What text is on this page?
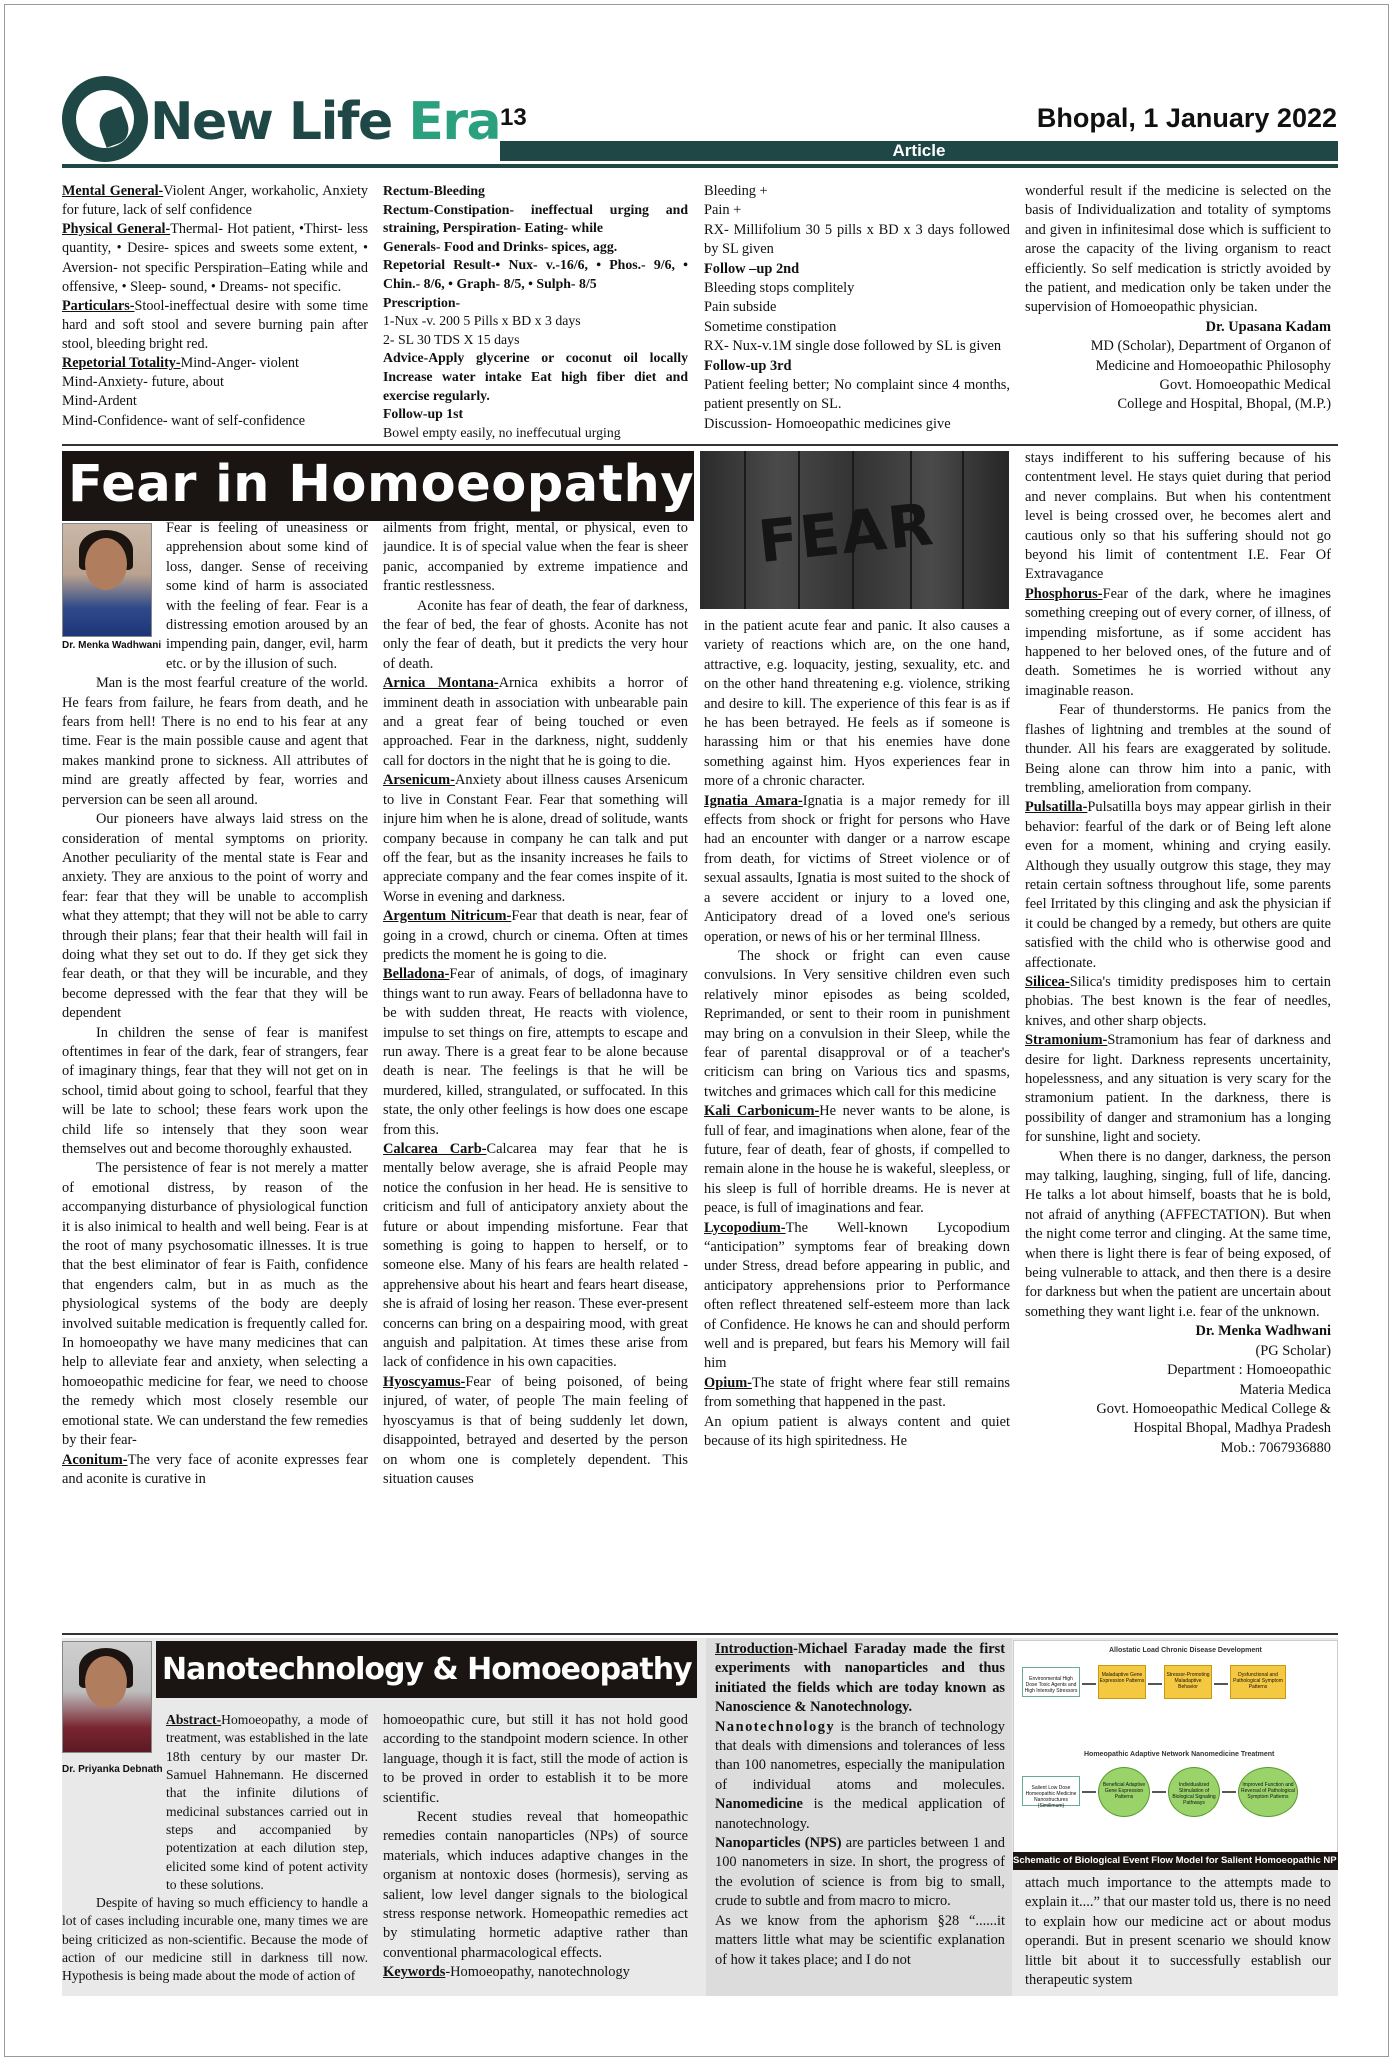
New Life Era 13	Bhopal, 1 January 2022
Article

Mental General-Violent Anger, workaholic, Anxiety for future, lack of self confidence

Physical General-Thermal- Hot patient, •Thirst- less quantity, • Desire- spices and sweets some extent, • Aversion- not specific Perspiration–Eating while and offensive, • Sleep- sound, • Dreams- not specific.

Particulars-Stool-ineffectual desire with some time hard and soft stool and severe burning pain after stool, bleeding bright red.

Repetorial Totality-Mind-Anger- violent

Mind-Anxiety- future, about

Mind-Ardent

Mind-Confidence- want of self-confidence

Rectum-Bleeding

Rectum-Constipation- ineffectual urging and straining, Perspiration- Eating- while

Generals- Food and Drinks- spices, agg.

Repetorial Result-• Nux- v.-16/6, • Phos.- 9/6, • Chin.- 8/6, • Graph- 8/5, • Sulph- 8/5

Prescription-

1-Nux -v. 200 5 Pills x BD x 3 days

2- SL 30 TDS X 15 days

Advice-Apply glycerine or coconut oil locally Increase water intake Eat high fiber diet and exercise regularly.

Follow-up 1st

Bowel empty easily, no ineffecutual urging

Bleeding +

Pain +

RX- Millifolium 30 5 pills x BD x 3 days followed by SL given

Follow –up 2nd

Bleeding stops complitely

Pain subside

Sometime constipation

RX- Nux-v.1M single dose followed by SL is given

Follow-up 3rd

Patient feeling better; No complaint since 4 months, patient presently on SL.

Discussion- Homoeopathic medicines give

wonderful result if the medicine is selected on the basis of Individualization and totality of symptoms and given in infinitesimal dose which is sufficient to arose the capacity of the living organism to react efficiently. So self medication is strictly avoided by the patient, and medication only be taken under the supervision of Homoeopathic physician.

Dr. Upasana Kadam

MD (Scholar), Department of Organon of

Medicine and Homoeopathic Philosophy

Govt. Homoeopathic Medical

College and Hospital, Bhopal, (M.P.)

Fear in Homoeopathy
FEAR
Dr. Menka Wadhwani

Fear is feeling of uneasiness or apprehension about some kind of loss, danger. Sense of receiving some kind of harm is associated with the feeling of fear. Fear is a distressing emotion aroused by an impending pain, danger, evil, harm etc. or by the illusion of such.

Man is the most fearful creature of the world. He fears from failure, he fears from death, and he fears from hell! There is no end to his fear at any time. Fear is the main possible cause and agent that makes mankind prone to sickness. All attributes of mind are greatly affected by fear, worries and perversion can be seen all around.

Our pioneers have always laid stress on the consideration of mental symptoms on priority. Another peculiarity of the mental state is Fear and anxiety. They are anxious to the point of worry and fear: fear that they will be unable to accomplish what they attempt; that they will not be able to carry through their plans; fear that their health will fail in doing what they set out to do. If they get sick they fear death, or that they will be incurable, and they become depressed with the fear that they will be dependent

In children the sense of fear is manifest oftentimes in fear of the dark, fear of strangers, fear of imaginary things, fear that they will not get on in school, timid about going to school, fearful that they will be late to school; these fears work upon the child life so intensely that they soon wear themselves out and become thoroughly exhausted.

The persistence of fear is not merely a matter of emotional distress, by reason of the accompanying disturbance of physiological function it is also inimical to health and well being. Fear is at the root of many psychosomatic illnesses. It is true that the best eliminator of fear is Faith, confidence that engenders calm, but in as much as the physiological systems of the body are deeply involved suitable medication is frequently called for. In homoeopathy we have many medicines that can help to alleviate fear and anxiety, when selecting a homoeopathic medicine for fear, we need to choose the remedy which most closely resemble our emotional state. We can understand the few remedies by their fear-

Aconitum-The very face of aconite expresses fear and aconite is curative in

ailments from fright, mental, or physical, even to jaundice. It is of special value when the fear is sheer panic, accompanied by extreme impatience and frantic restlessness.

Aconite has fear of death, the fear of darkness, the fear of bed, the fear of ghosts. Aconite has not only the fear of death, but it predicts the very hour of death.

Arnica Montana-Arnica exhibits a horror of imminent death in association with unbearable pain and a great fear of being touched or even approached. Fear in the darkness, night, suddenly call for doctors in the night that he is going to die.

Arsenicum-Anxiety about illness causes Arsenicum to live in Constant Fear. Fear that something will injure him when he is alone, dread of solitude, wants company because in company he can talk and put off the fear, but as the insanity increases he fails to appreciate company and the fear comes inspite of it. Worse in evening and darkness.

Argentum Nitricum-Fear that death is near, fear of going in a crowd, church or cinema. Often at times predicts the moment he is going to die.

Belladona-Fear of animals, of dogs, of imaginary things want to run away. Fears of belladonna have to be with sudden threat, He reacts with violence, impulse to set things on fire, attempts to escape and run away. There is a great fear to be alone because death is near. The feelings is that he will be murdered, killed, strangulated, or suffocated. In this state, the only other feelings is how does one escape from this.

Calcarea Carb-Calcarea may fear that he is mentally below average, she is afraid People may notice the confusion in her head. He is sensitive to criticism and full of anticipatory anxiety about the future or about impending misfortune. Fear that something is going to happen to herself, or to someone else. Many of his fears are health related -apprehensive about his heart and fears heart disease, she is afraid of losing her reason. These ever-present concerns can bring on a despairing mood, with great anguish and palpitation. At times these arise from lack of confidence in his own capacities.

Hyoscyamus-Fear of being poisoned, of being injured, of water, of people The main feeling of hyoscyamus is that of being suddenly let down, disappointed, betrayed and deserted by the person on whom one is completely dependent. This situation causes

in the patient acute fear and panic. It also causes a variety of reactions which are, on the one hand, attractive, e.g. loquacity, jesting, sexuality, etc. and on the other hand threatening e.g. violence, striking and desire to kill. The experience of this fear is as if he has been betrayed. He feels as if someone is harassing him or that his enemies have done something against him. Hyos experiences fear in more of a chronic character.

Ignatia Amara-Ignatia is a major remedy for ill effects from shock or fright for persons who Have had an encounter with danger or a narrow escape from death, for victims of Street violence or of sexual assaults, Ignatia is most suited to the shock of a severe accident or injury to a loved one, Anticipatory dread of a loved one's serious operation, or news of his or her terminal Illness.

The shock or fright can even cause convulsions. In Very sensitive children even such relatively minor episodes as being scolded, Reprimanded, or sent to their room in punishment may bring on a convulsion in their Sleep, while the fear of parental disapproval or of a teacher's criticism can bring on Various tics and spasms, twitches and grimaces which call for this medicine

Kali Carbonicum-He never wants to be alone, is full of fear, and imaginations when alone, fear of the future, fear of death, fear of ghosts, if compelled to remain alone in the house he is wakeful, sleepless, or his sleep is full of horrible dreams. He is never at peace, is full of imaginations and fear.

Lycopodium-The Well-known Lycopodium “anticipation” symptoms fear of breaking down under Stress, dread before appearing in public, and anticipatory apprehensions prior to Performance often reflect threatened self-esteem more than lack of Confidence. He knows he can and should perform well and is prepared, but fears his Memory will fail him

Opium-The state of fright where fear still remains from something that happened in the past.

An opium patient is always content and quiet because of its high spiritedness. He

stays indifferent to his suffering because of his contentment level. He stays quiet during that period and never complains. But when his contentment level is being crossed over, he becomes alert and cautious only so that his suffering should not go beyond his limit of contentment I.E. Fear Of Extravagance

Phosphorus-Fear of the dark, where he imagines something creeping out of every corner, of illness, of impending misfortune, as if some accident has happened to her beloved ones, of the future and of death. Sometimes he is worried without any imaginable reason.

Fear of thunderstorms. He panics from the flashes of lightning and trembles at the sound of thunder. All his fears are exaggerated by solitude. Being alone can throw him into a panic, with trembling, amelioration from company.

Pulsatilla-Pulsatilla boys may appear girlish in their behavior: fearful of the dark or of Being left alone even for a moment, whining and crying easily. Although they usually outgrow this stage, they may retain certain softness throughout life, some parents feel Irritated by this clinging and ask the physician if it could be changed by a remedy, but others are quite satisfied with the child who is otherwise good and affectionate.

Silicea-Silica's timidity predisposes him to certain phobias. The best known is the fear of needles, knives, and other sharp objects.

Stramonium-Stramonium has fear of darkness and desire for light. Darkness represents uncertainity, hopelessness, and any situation is very scary for the stramonium patient. In the darkness, there is possibility of danger and stramonium has a longing for sunshine, light and society.

When there is no danger, darkness, the person may talking, laughing, singing, full of life, dancing. He talks a lot about himself, boasts that he is bold, not afraid of anything (AFFECTATION). But when the night come terror and clinging. At the same time, when there is light there is fear of being exposed, of being vulnerable to attack, and then there is a desire for darkness but when the patient are uncertain about something they want light i.e. fear of the unknown.

Dr. Menka Wadhwani

(PG Scholar)

Department : Homoeopathic

Materia Medica

Govt. Homoeopathic Medical College &

Hospital Bhopal, Madhya Pradesh

Mob.: 7067936880

Dr. Priyanka Debnath
Nanotechnology & Homoeopathy

Abstract-Homoeopathy, a mode of treatment, was established in the late 18th century by our master Dr. Samuel Hahnemann. He discerned that the infinite dilutions of medicinal substances carried out in steps and accompanied by potentization at each dilution step, elicited some kind of potent activity to these solutions.

Despite of having so much efficiency to handle a lot of cases including incurable one, many times we are being criticized as non-scientific. Because the mode of action of our medicine still in darkness till now. Hypothesis is being made about the mode of action of

homoeopathic cure, but still it has not hold good according to the standpoint modern science. In other language, though it is fact, still the mode of action is to be proved in order to establish it to be more scientific.

Recent studies reveal that homeopathic remedies contain nanoparticles (NPs) of source materials, which induces adaptive changes in the organism at nontoxic doses (hormesis), serving as salient, low level danger signals to the biological stress response network. Homeopathic remedies act by stimulating hormetic adaptive rather than conventional pharmacological effects.

Keywords-Homoeopathy, nanotechnology

Introduction-Michael Faraday made the first experiments with nanoparticles and thus initiated the fields which are today known as Nanoscience & Nanotechnology.

Nanotechnology is the branch of technology that deals with dimensions and tolerances of less than 100 nanometres, especially the manipulation of individual atoms and molecules. Nanomedicine is the medical application of nanotechnology.

Nanoparticles (NPS) are particles between 1 and 100 nanometers in size. In short, the progress of the evolution of science is from big to small, crude to subtle and from macro to micro.

As we know from the aphorism §28 “......it matters little what may be scientific explanation of how it takes place; and I do not

Allostatic Load Chronic Disease Development
Homeopathic Adaptive Network Nanomedicine Treatment
Environmental High Dose Toxic Agents and High Intensity Stressors
Maladaptive Gene Expression Patterns
Stressor-Promoting Maladaptive Behavior
Dysfunctional and Pathological Symptom Patterns
Salient Low Dose Homeopathic Medicine Nanostructures (Similimum)
Beneficial Adaptive Gene Expression Patterns
Individualized Stimulation of Biological Signaling Pathways
Improved Function and Reversal of Pathological Symptom Patterns
Schematic of Biological Event Flow Model for Salient Homoeopathic NP Actions.

attach much importance to the attempts made to explain it....” that our master told us, there is no need to explain how our medicine act or about modus operandi. But in present scenario we should know little bit about it to successfully establish our therapeutic system
